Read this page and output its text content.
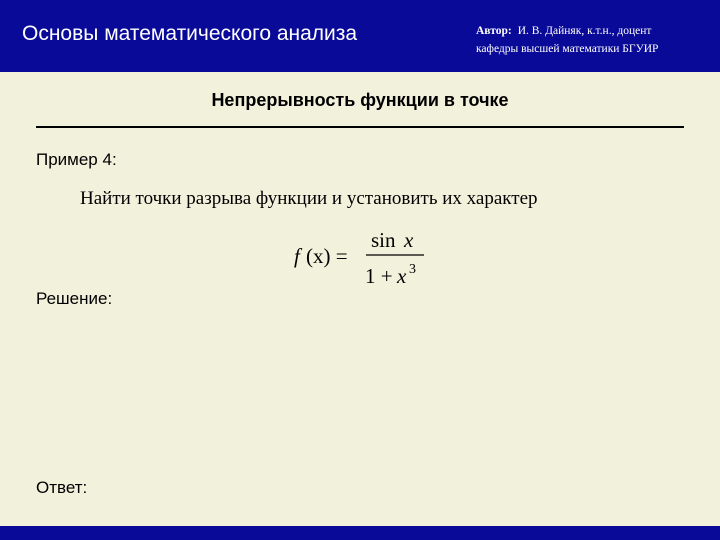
Основы математического анализа	Автор: И. В. Дайняк, к.т.н., доцент
кафедры высшей математики БГУИР
Непрерывность функции в точке
Пример 4:
Найти точки разрыва функции и установить их характер
f (x) =
sin x
1 + x 3
Решение:
Ответ:
